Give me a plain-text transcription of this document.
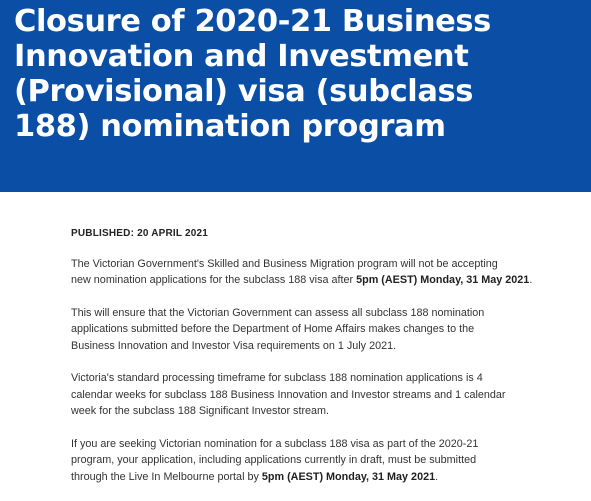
Closure of 2020-21 Business
Innovation and Investment
(Provisional) visa (subclass
188) nomination program

PUBLISHED: 20 APRIL 2021

The Victorian Government's Skilled and Business Migration program will not be accepting
new nomination applications for the subclass 188 visa after 5pm (AEST) Monday, 31 May 2021.

This will ensure that the Victorian Government can assess all subclass 188 nomination
applications submitted before the Department of Home Affairs makes changes to the
Business Innovation and Investor Visa requirements on 1 July 2021.

Victoria's standard processing timeframe for subclass 188 nomination applications is 4
calendar weeks for subclass 188 Business Innovation and Investor streams and 1 calendar
week for the subclass 188 Significant Investor stream.

If you are seeking Victorian nomination for a subclass 188 visa as part of the 2020-21
program, your application, including applications currently in draft, must be submitted
through the Live In Melbourne portal by 5pm (AEST) Monday, 31 May 2021.
